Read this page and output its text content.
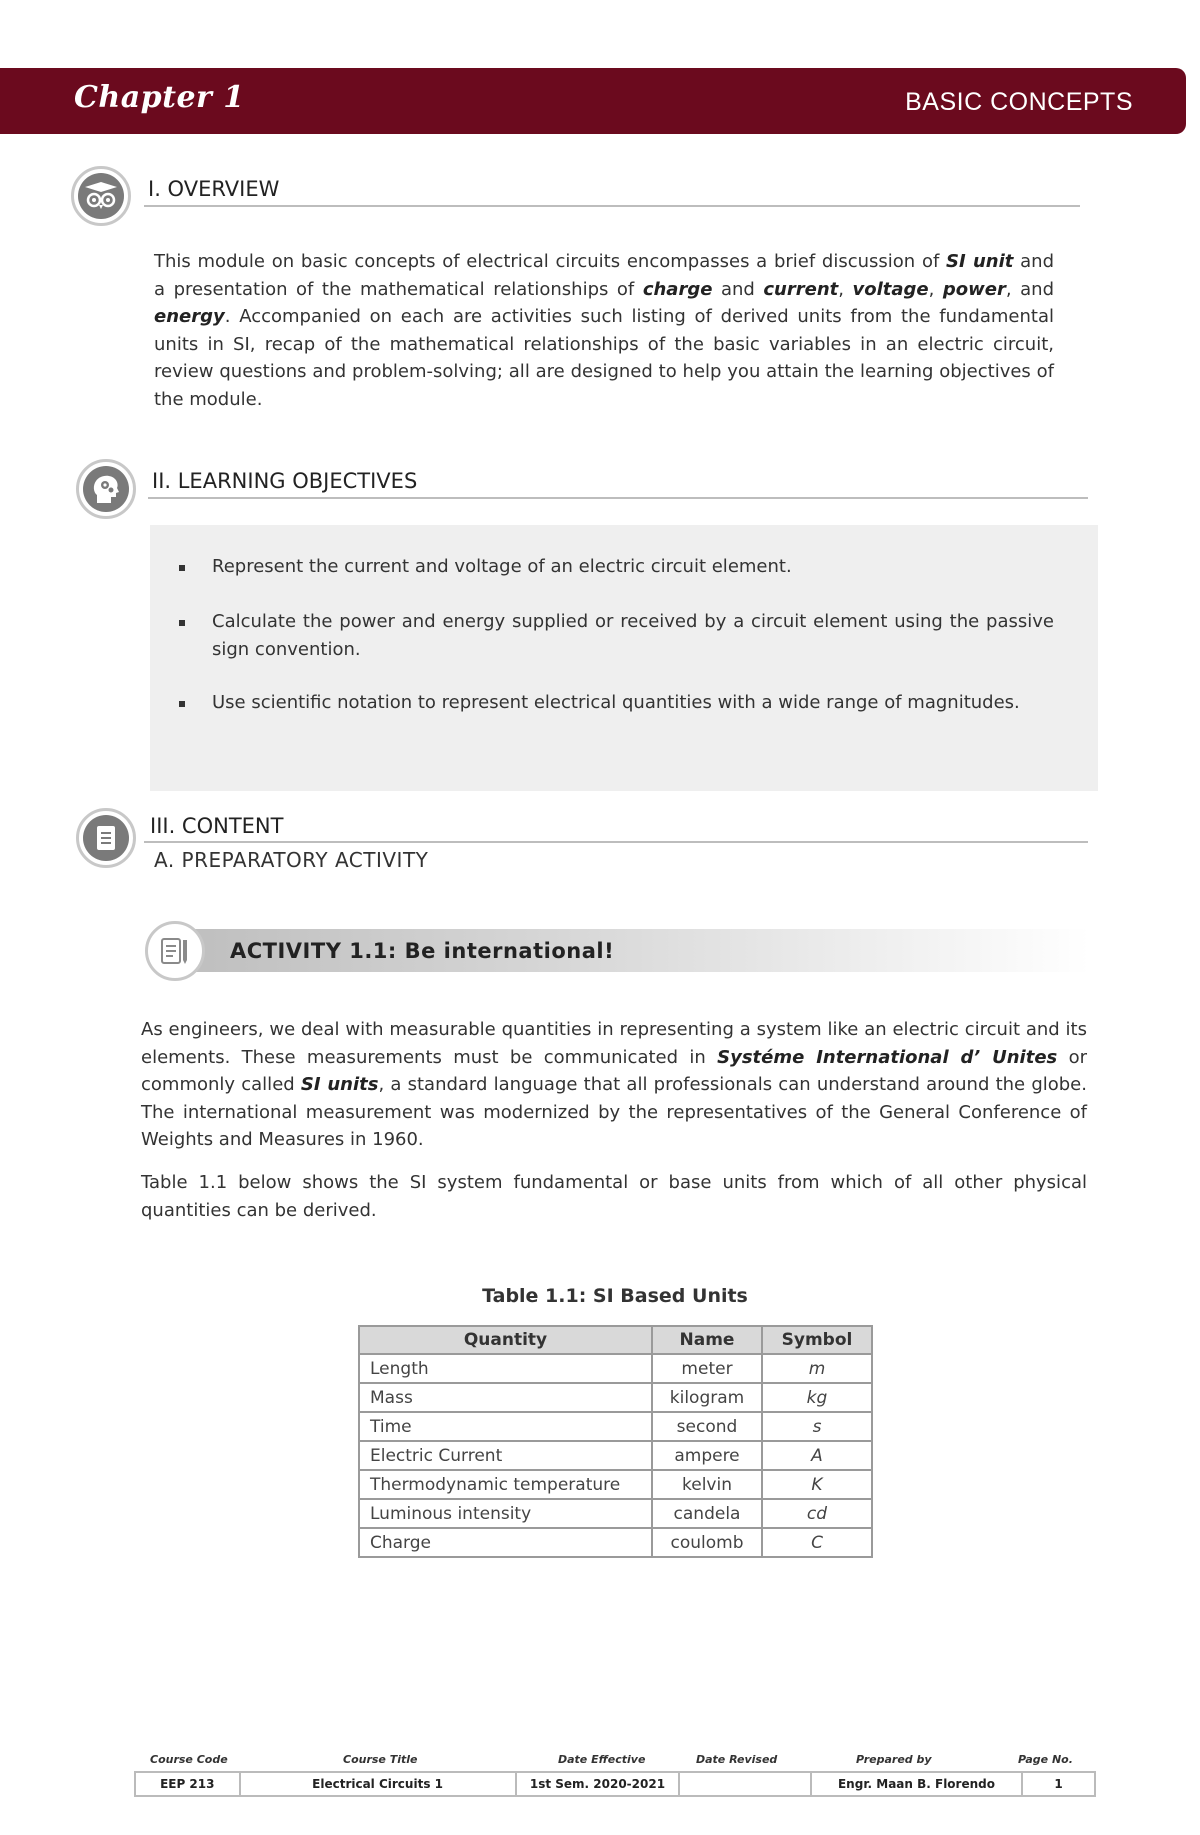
Chapter 1	BASIC CONCEPTS
I. OVERVIEW

This module on basic concepts of electrical circuits encompasses a brief discussion of SI unit and a presentation of the mathematical relationships of charge and current, voltage, power, and energy. Accompanied on each are activities such listing of derived units from the fundamental units in SI, recap of the mathematical relationships of the basic variables in an electric circuit, review questions and problem-solving; all are designed to help you attain the learning objectives of the module.

II. LEARNING OBJECTIVES
Represent the current and voltage of an electric circuit element.
Calculate the power and energy supplied or received by a circuit element using the passive sign convention.
Use scientific notation to represent electrical quantities with a wide range of magnitudes.
III. CONTENT
A. PREPARATORY ACTIVITY
ACTIVITY 1.1: Be international!

As engineers, we deal with measurable quantities in representing a system like an electric circuit and its elements. These measurements must be communicated in Systéme International d’ Unites or commonly called SI units, a standard language that all professionals can understand around the globe. The international measurement was modernized by the representatives of the General Conference of Weights and Measures in 1960.

Table 1.1 below shows the SI system fundamental or base units from which of all other physical quantities can be derived.

Table 1.1: SI Based Units
Quantity	Name	Symbol
Length	meter	m
Mass	kilogram	kg
Time	second	s
Electric Current	ampere	A
Thermodynamic temperature	kelvin	K
Luminous intensity	candela	cd
Charge	coulomb	C
Course Code	Course Title	Date Effective	Date Revised	Prepared by	Page No.
EEP 213	Electrical Circuits 1	1st Sem. 2020-2021		Engr. Maan B. Florendo	1
